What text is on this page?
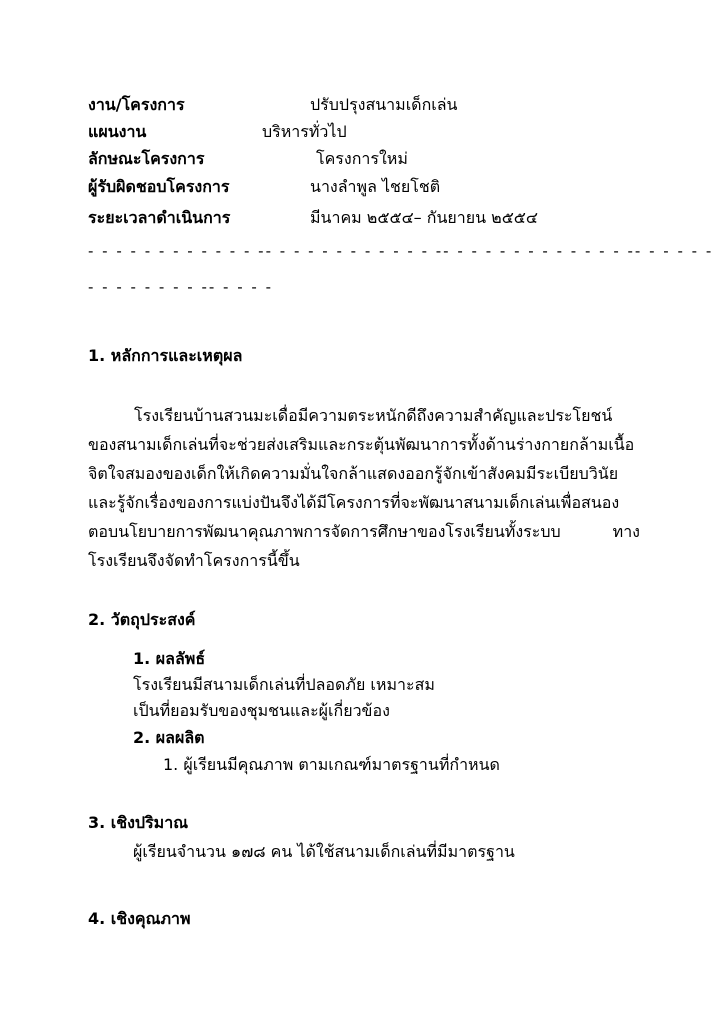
งาน/โครงการ	ปรับปรุงสนามเด็กเล่น
แผนงาน	บริหารทั่วไป
ลักษณะโครงการ	โครงการใหม่
ผู้รับผิดชอบโครงการ	นางลำพูล ไชยโชติ
ระยะเวลาดำเนินการ	มีนาคม ๒๕๕๔– กันยายน ๒๕๕๔
- - - - - - - - - - - - -- - - - - - - - - - - - -- - - - - - - - - - - - - -- - - - - -
- - - - - - - - -- - - - -
1. หลักการและเหตุผล
โรงเรียนบ้านสวนมะเดื่อมีความตระหนักดีถึงความสำคัญและประโยชน์ของสนามเด็กเล่นที่จะช่วยส่งเสริมและกระตุ้นพัฒนาการทั้งด้านร่างกายกล้ามเนื้อ จิตใจสมองของเด็กให้เกิดความมั่นใจกล้าแสดงออกรู้จักเข้าสังคมมีระเบียบวินัยและรู้จักเรื่องของการแบ่งปันจึงได้มีโครงการที่จะพัฒนาสนามเด็กเล่นเพื่อสนองตอบนโยบายการพัฒนาคุณภาพการจัดการศึกษาของโรงเรียนทั้งระบบ ทางโรงเรียนจึงจัดทำโครงการนี้ขึ้น
2. วัตถุประสงค์
1. ผลลัพธ์
โรงเรียนมีสนามเด็กเล่นที่ปลอดภัย เหมาะสม
เป็นที่ยอมรับของชุมชนและผู้เกี่ยวข้อง
2. ผลผลิต
1. ผู้เรียนมีคุณภาพ ตามเกณฑ์มาตรฐานที่กำหนด
3. เชิงปริมาณ
ผู้เรียนจำนวน ๑๗๘ คน ได้ใช้สนามเด็กเล่นที่มีมาตรฐาน
4. เชิงคุณภาพ
